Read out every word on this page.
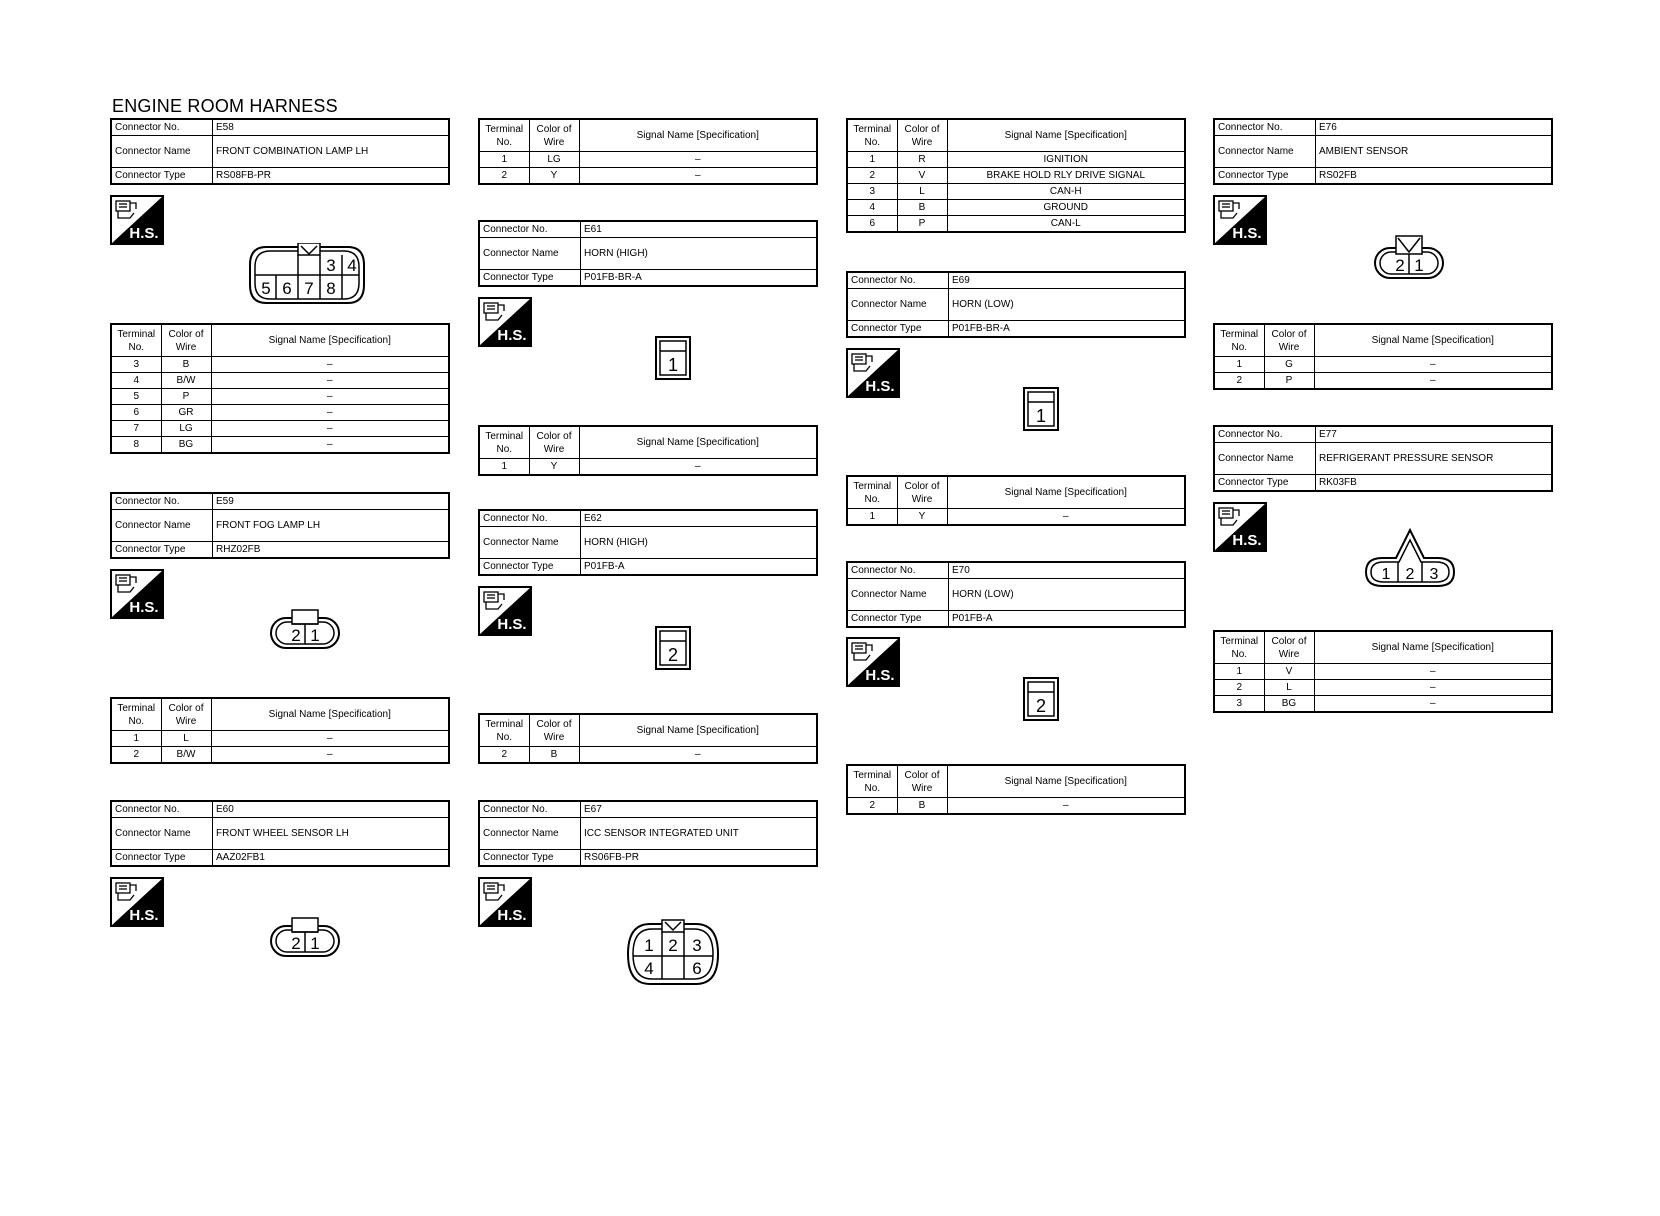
ENGINE ROOM HARNESS
Connector No.	E58
Connector Name	FRONT COMBINATION LAMP LH
Connector Type	RS08FB-PR
H.S.
3 4
5 6 7 8
Terminal No.	Color of Wire	Signal Name [Specification]
3	B	–
4	B/W	–
5	P	–
6	GR	–
7	LG	–
8	BG	–
Connector No.	E59
Connector Name	FRONT FOG LAMP LH
Connector Type	RHZ02FB
H.S.
2 1
Terminal No.	Color of Wire	Signal Name [Specification]
1	L	–
2	B/W	–
Connector No.	E60
Connector Name	FRONT WHEEL SENSOR LH
Connector Type	AAZ02FB1
H.S.
2 1
Terminal No.	Color of Wire	Signal Name [Specification]
1	LG	–
2	Y	–
Connector No.	E61
Connector Name	HORN (HIGH)
Connector Type	P01FB-BR-A
H.S.
1
Terminal No.	Color of Wire	Signal Name [Specification]
1	Y	–
Connector No.	E62
Connector Name	HORN (HIGH)
Connector Type	P01FB-A
H.S.
2
Terminal No.	Color of Wire	Signal Name [Specification]
2	B	–
Connector No.	E67
Connector Name	ICC SENSOR INTEGRATED UNIT
Connector Type	RS06FB-PR
H.S.
1 2 3
4 6
Terminal No.	Color of Wire	Signal Name [Specification]
1	R	IGNITION
2	V	BRAKE HOLD RLY DRIVE SIGNAL
3	L	CAN-H
4	B	GROUND
6	P	CAN-L
Connector No.	E69
Connector Name	HORN (LOW)
Connector Type	P01FB-BR-A
H.S.
1
Terminal No.	Color of Wire	Signal Name [Specification]
1	Y	–
Connector No.	E70
Connector Name	HORN (LOW)
Connector Type	P01FB-A
H.S.
2
Terminal No.	Color of Wire	Signal Name [Specification]
2	B	–
Connector No.	E76
Connector Name	AMBIENT SENSOR
Connector Type	RS02FB
H.S.
2 1
Terminal No.	Color of Wire	Signal Name [Specification]
1	G	–
2	P	–
Connector No.	E77
Connector Name	REFRIGERANT PRESSURE SENSOR
Connector Type	RK03FB
H.S.
1 2 3
Terminal No.	Color of Wire	Signal Name [Specification]
1	V	–
2	L	–
3	BG	–
